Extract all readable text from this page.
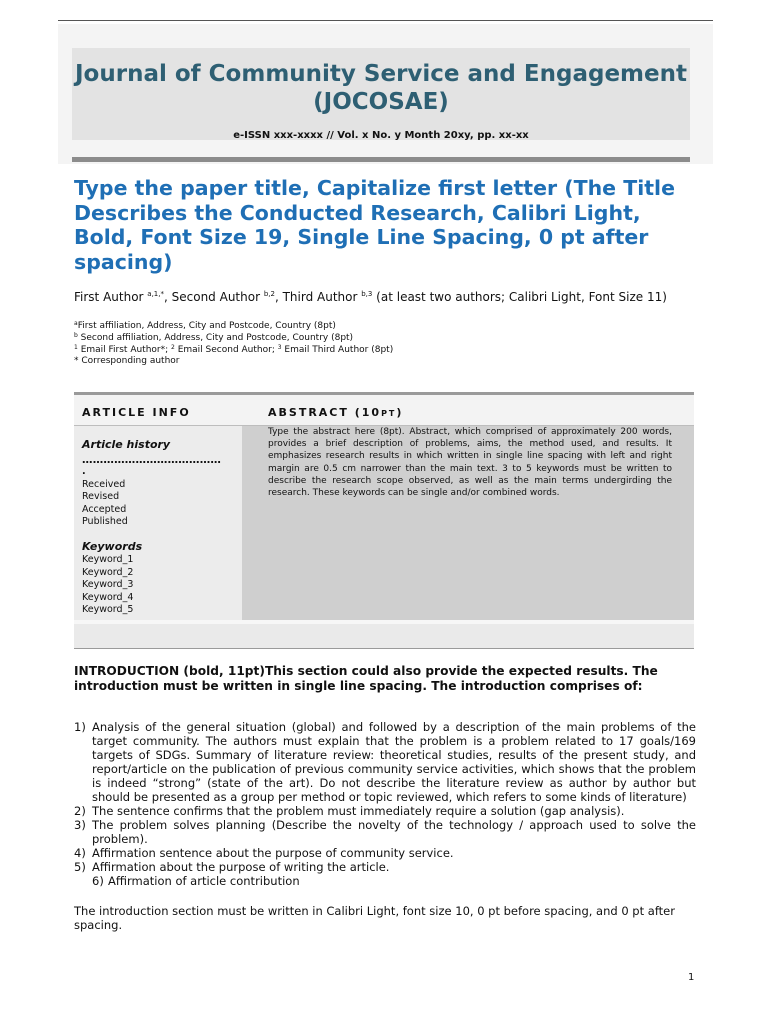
Journal of Community Service and Engagement (JOCOSAE)
e-ISSN xxx-xxxx // Vol. x No. y Month 20xy, pp. xx-xx
Type the paper title, Capitalize first letter (The Title Describes the Conducted Research, Calibri Light, Bold, Font Size 19, Single Line Spacing, 0 pt after spacing)
First Author $^{a,1,*}$, Second Author $^{b,2}$, Third Author $^{b,3}$ (at least two authors; Calibri Light, Font Size 11)
$^a$First affiliation, Address, City and Postcode, Country (8pt)
$^b$ Second affiliation, Address, City and Postcode, Country (8pt)
$^1$ Email First Author*; $^2$ Email Second Author; $^3$ Email Third Author (8pt)
* Corresponding author
ARTICLE INFO	ABSTRACT (10PT)
Article history
…………………………………
.
Received
Revised
Accepted
Published
Keywords
Keyword_1
Keyword_2
Keyword_3
Keyword_4
Keyword_5

Type the abstract here (8pt). Abstract, which comprised of approximately 200 words, provides a brief description of problems, aims, the method used, and results. It emphasizes research results in which written in single line spacing with left and right margin are 0.5 cm narrower than the main text. 3 to 5 keywords must be written to describe the research scope observed, as well as the main terms undergirding the research. These keywords can be single and/or combined words.

INTRODUCTION (bold, 11pt)This section could also provide the expected results. The introduction must be written in single line spacing. The introduction comprises of:

1) Analysis of the general situation (global) and followed by a description of the main problems of the target community. The authors must explain that the problem is a problem related to 17 goals/169 targets of SDGs. Summary of literature review: theoretical studies, results of the present study, and report/article on the publication of previous community service activities, which shows that the problem is indeed “strong” (state of the art). Do not describe the literature review as author by author but should be presented as a group per method or topic reviewed, which refers to some kinds of literature)
2) The sentence confirms that the problem must immediately require a solution (gap analysis).
3) The problem solves planning (Describe the novelty of the technology / approach used to solve the problem).
4) Affirmation sentence about the purpose of community service.
5) Affirmation about the purpose of writing the article.
6) Affirmation of article contribution

The introduction section must be written in Calibri Light, font size 10, 0 pt before spacing, and 0 pt after spacing.

1
